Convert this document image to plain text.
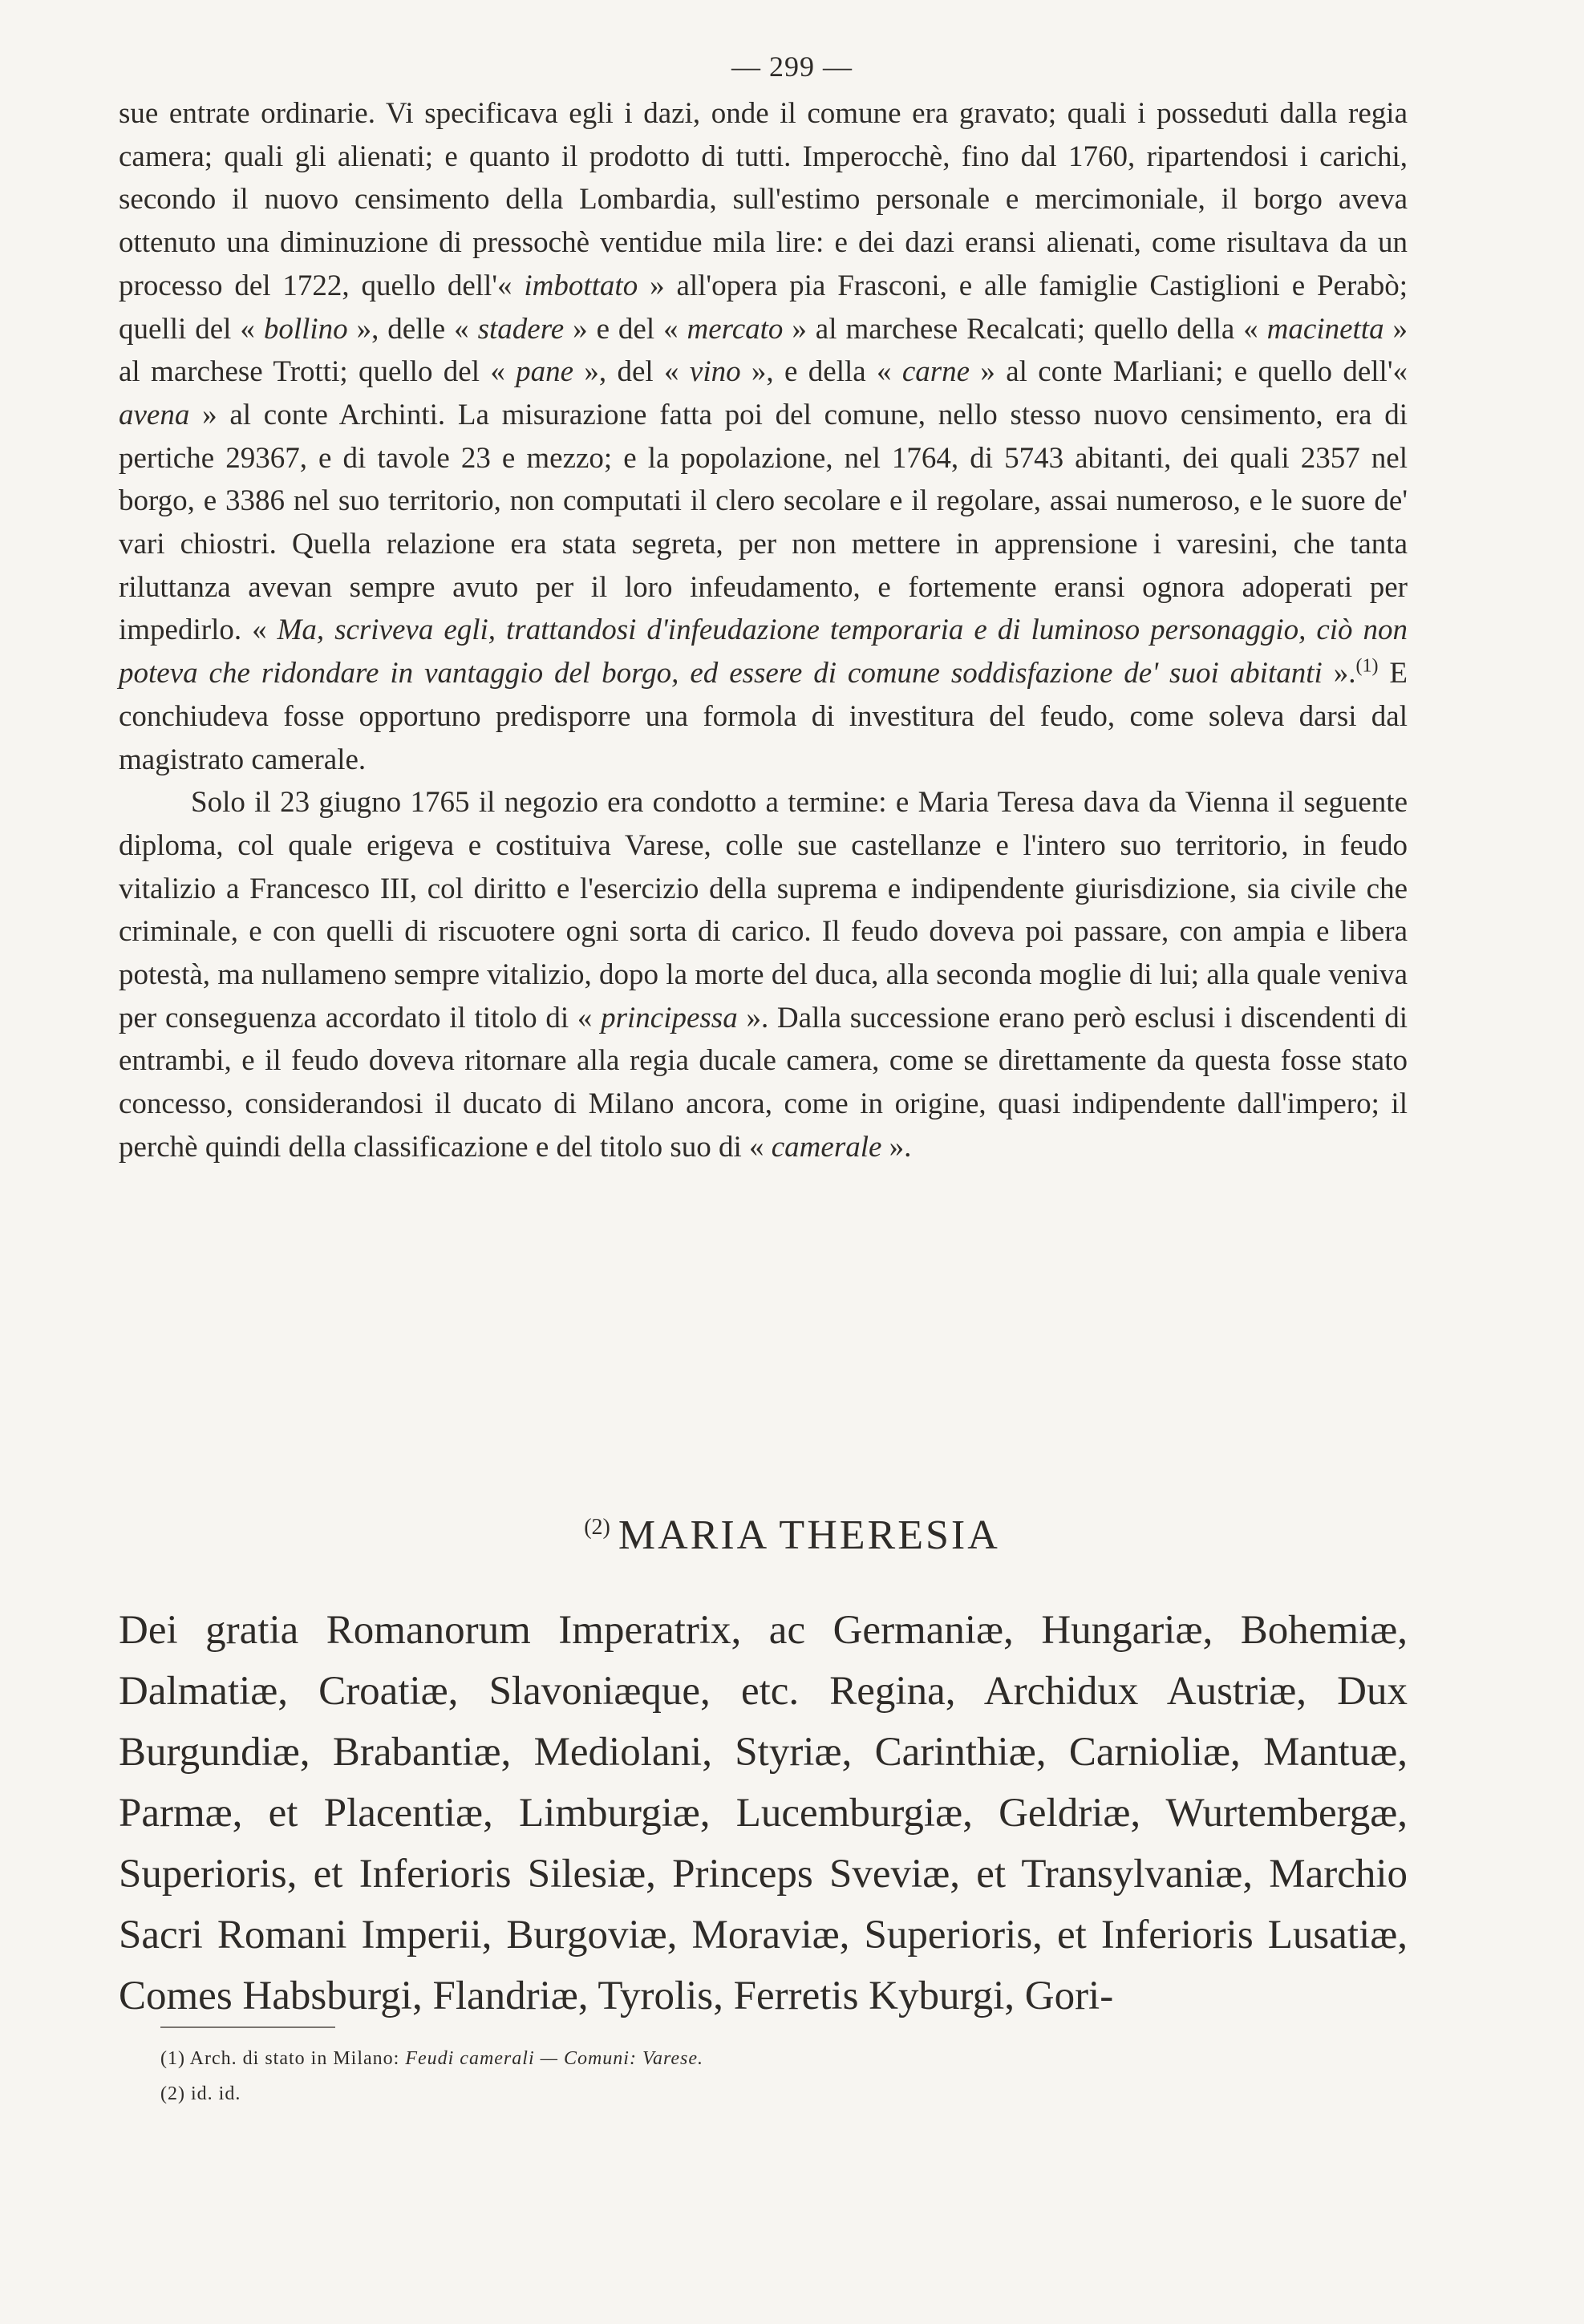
— 299 —

sue entrate ordinarie. Vi specificava egli i dazi, onde il comune era gravato; quali i posseduti dalla regia camera; quali gli alienati; e quanto il prodotto di tutti. Imperocchè, fino dal 1760, ripartendosi i carichi, secondo il nuovo censimento della Lombardia, sull'estimo personale e mercimoniale, il borgo aveva ottenuto una diminuzione di pressochè ventidue mila lire: e dei dazi eransi alienati, come risultava da un processo del 1722, quello dell'« imbottato » all'opera pia Frasconi, e alle famiglie Castiglioni e Perabò; quelli del « bollino », delle « stadere » e del « mercato » al marchese Recalcati; quello della « macinetta » al marchese Trotti; quello del « pane », del « vino », e della « carne » al conte Marliani; e quello dell'« avena » al conte Archinti. La misurazione fatta poi del comune, nello stesso nuovo censimento, era di pertiche 29367, e di tavole 23 e mezzo; e la popolazione, nel 1764, di 5743 abitanti, dei quali 2357 nel borgo, e 3386 nel suo territorio, non computati il clero secolare e il regolare, assai numeroso, e le suore de' vari chiostri. Quella relazione era stata segreta, per non mettere in apprensione i varesini, che tanta riluttanza avevan sempre avuto per il loro infeudamento, e fortemente eransi ognora adoperati per impedirlo. « Ma, scriveva egli, trattandosi d'infeudazione temporaria e di luminoso personaggio, ciò non poteva che ridondare in vantaggio del borgo, ed essere di comune soddisfazione de' suoi abitanti ».$^{(1)}$ E conchiudeva fosse opportuno predisporre una formola di investitura del feudo, come soleva darsi dal magistrato camerale.

Solo il 23 giugno 1765 il negozio era condotto a termine: e Maria Teresa dava da Vienna il seguente diploma, col quale erigeva e costituiva Varese, colle sue castellanze e l'intero suo territorio, in feudo vitalizio a Francesco III, col diritto e l'esercizio della suprema e indipendente giurisdizione, sia civile che criminale, e con quelli di riscuotere ogni sorta di carico. Il feudo doveva poi passare, con ampia e libera potestà, ma nullameno sempre vitalizio, dopo la morte del duca, alla seconda moglie di lui; alla quale veniva per conseguenza accordato il titolo di « principessa ». Dalla successione erano però esclusi i discendenti di entrambi, e il feudo doveva ritornare alla regia ducale camera, come se direttamente da questa fosse stato concesso, considerandosi il ducato di Milano ancora, come in origine, quasi indipendente dall'impero; il perchè quindi della classificazione e del titolo suo di « camerale ».

$^{(2)}$ MARIA THERESIA

Dei gratia Romanorum Imperatrix, ac Germaniæ, Hungariæ, Bohemiæ, Dalmatiæ, Croatiæ, Slavoniæque, etc. Regina, Archidux Austriæ, Dux Burgundiæ, Brabantiæ, Mediolani, Styriæ, Carinthiæ, Carnioliæ, Mantuæ, Parmæ, et Placentiæ, Limburgiæ, Lucemburgiæ, Geldriæ, Wurtembergæ, Superioris, et Inferioris Silesiæ, Princeps Sveviæ, et Transylvaniæ, Marchio Sacri Romani Imperii, Burgoviæ, Moraviæ, Superioris, et Inferioris Lusatiæ, Comes Habsburgi, Flandriæ, Tyrolis, Ferretis Kyburgi, Gori-

(1) Arch. di stato in Milano: Feudi camerali — Comuni: Varese.

(2) id. id.
